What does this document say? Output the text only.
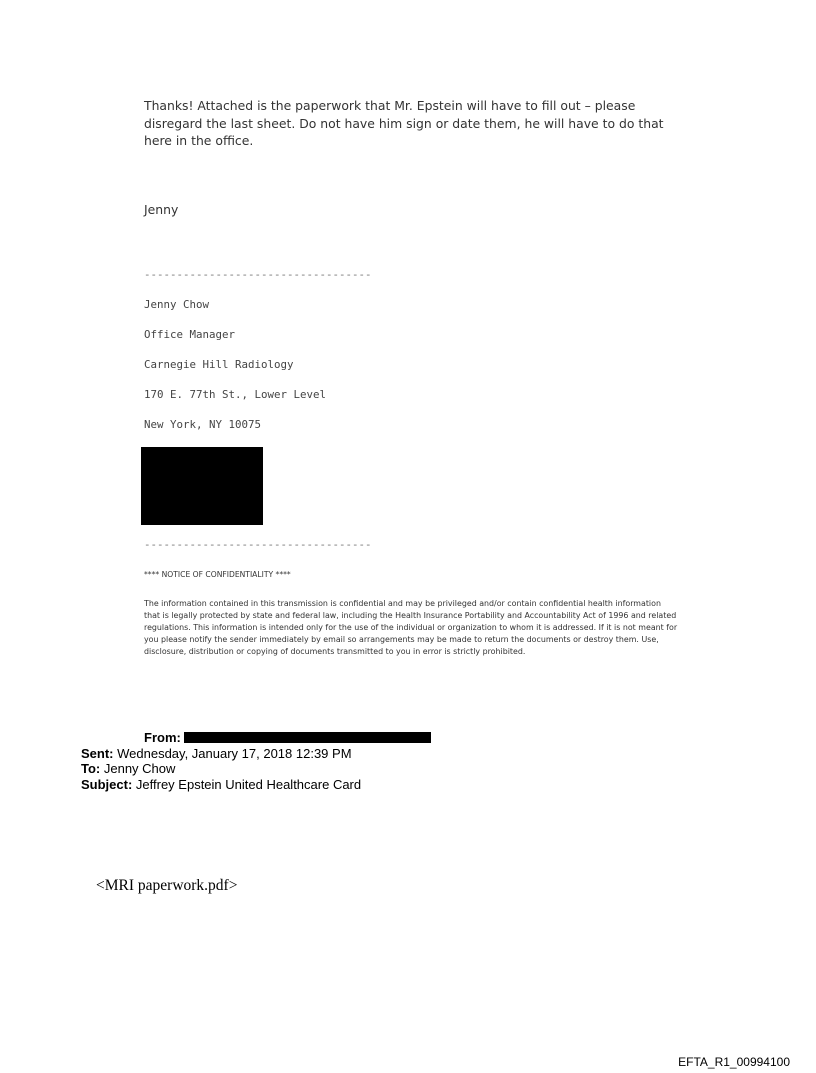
Thanks! Attached is the paperwork that Mr. Epstein will have to fill out – please disregard the last sheet. Do not have him sign or date them, he will have to do that here in the office.

Jenny

-----------------------------------

Jenny Chow

Office Manager

Carnegie Hill Radiology

170 E. 77th St., Lower Level

New York, NY 10075

-----------------------------------

**** NOTICE OF CONFIDENTIALITY ****

The information contained in this transmission is confidential and may be privileged and/or contain confidential health information that is legally protected by state and federal law, including the Health Insurance Portability and Accountability Act of 1996 and related regulations. This information is intended only for the use of the individual or organization to whom it is addressed. If it is not meant for you please notify the sender immediately by email so arrangements may be made to return the documents or destroy them. Use, disclosure, distribution or copying of documents transmitted to you in error is strictly prohibited.

From:
Sent: Wednesday, January 17, 2018 12:39 PM
To: Jenny Chow
Subject: Jeffrey Epstein United Healthcare Card

<MRI paperwork.pdf>

EFTA_R1_00994100
